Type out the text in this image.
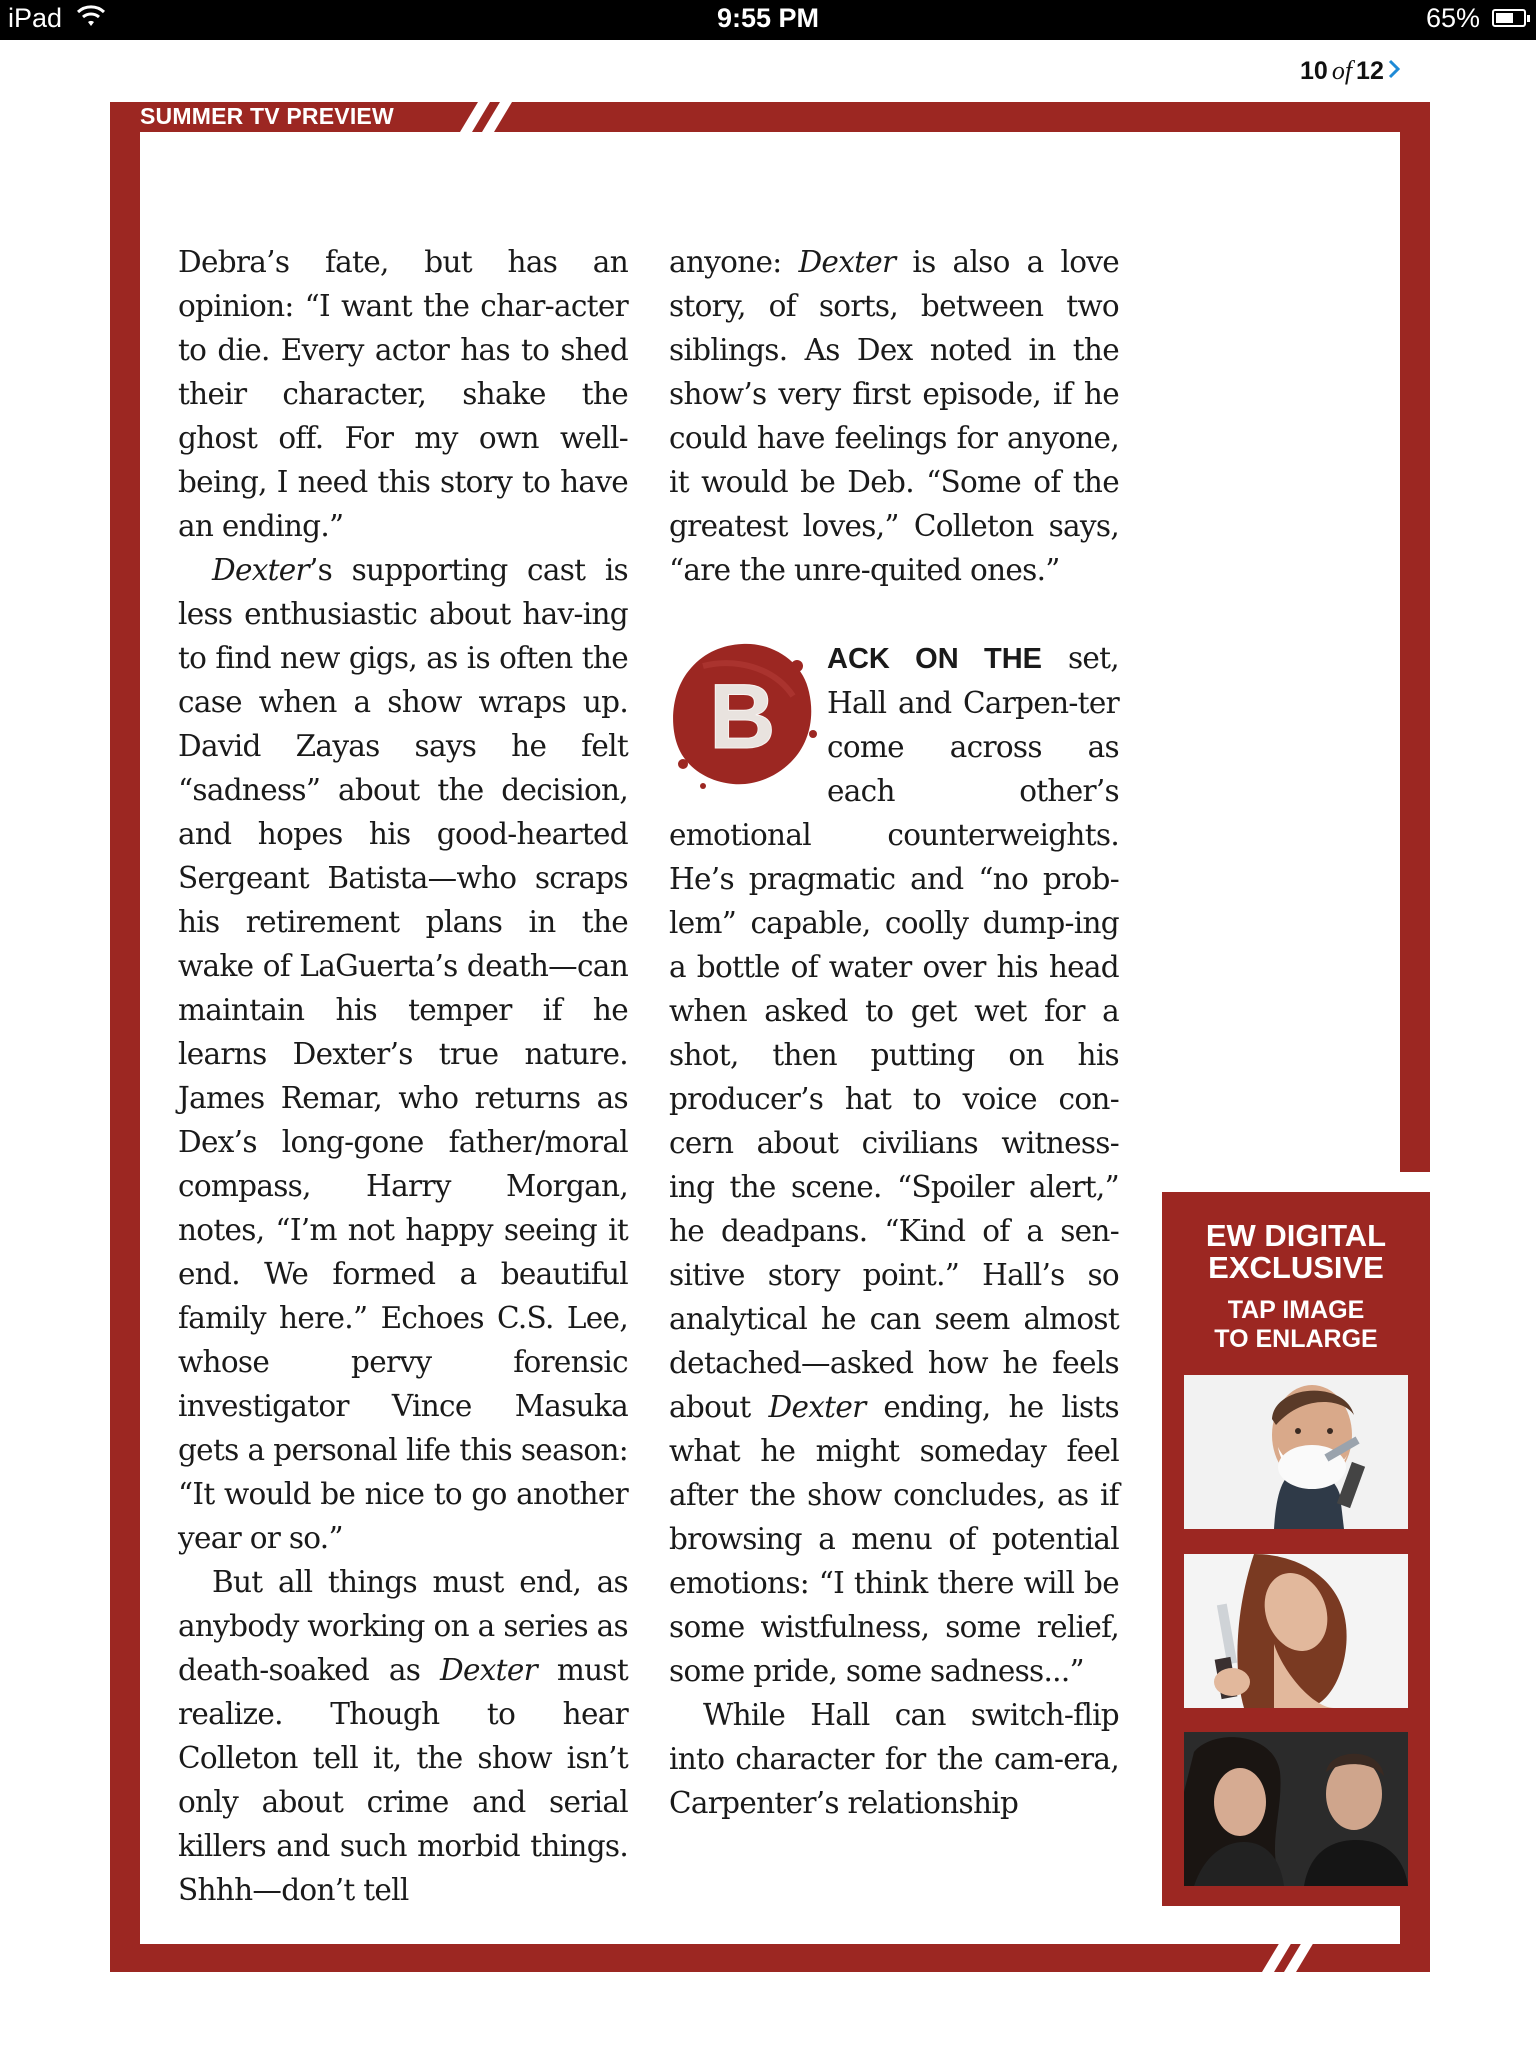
iPad	9:55 PM	65%
10 of 12
SUMMER TV PREVIEW

Debra’s fate, but has an opinion: “I want the char-acter to die. Every actor has to shed their character, shake the ghost off. For my own well-being, I need this story to have an ending.”

Dexter’s supporting cast is less enthusiastic about hav-ing to find new gigs, as is often the case when a show wraps up. David Zayas says he felt “sadness” about the decision, and hopes his good-hearted Sergeant Batista—who scraps his retirement plans in the wake of LaGuerta’s death—can maintain his temper if he learns Dexter’s true nature. James Remar, who returns as Dex’s long-gone father/moral compass, Harry Morgan, notes, “I’m not happy seeing it end. We formed a beautiful family here.” Echoes C.S. Lee, whose pervy forensic investigator Vince Masuka gets a personal life this season: “It would be nice to go another year or so.”

But all things must end, as anybody working on a series as death-soaked as Dexter must realize. Though to hear Colleton tell it, the show isn’t only about crime and serial killers and such morbid things. Shhh—don’t tell

anyone: Dexter is also a love story, of sorts, between two siblings. As Dex noted in the show’s very first episode, if he could have feelings for anyone, it would be Deb. “Some of the greatest loves,” Colleton says, “are the unre-quited ones.”

B
ACK ON THE set, Hall and Carpen-ter come across as each other’s emotional counterweights. He’s pragmatic and “no prob-lem” capable, coolly dump-ing a bottle of water over his head when asked to get wet for a shot, then putting on his producer’s hat to voice con-cern about civilians witness-ing the scene. “Spoiler alert,” he deadpans. “Kind of a sen-sitive story point.” Hall’s so analytical he can seem almost detached—asked how he feels about Dexter ending, he lists what he might someday feel after the show concludes, as if browsing a menu of potential emotions: “I think there will be some wistfulness, some relief, some pride, some sadness...”

While Hall can switch-flip into character for the cam-era, Carpenter’s relationship

EW DIGITAL
EXCLUSIVE
TAP IMAGE
TO ENLARGE
